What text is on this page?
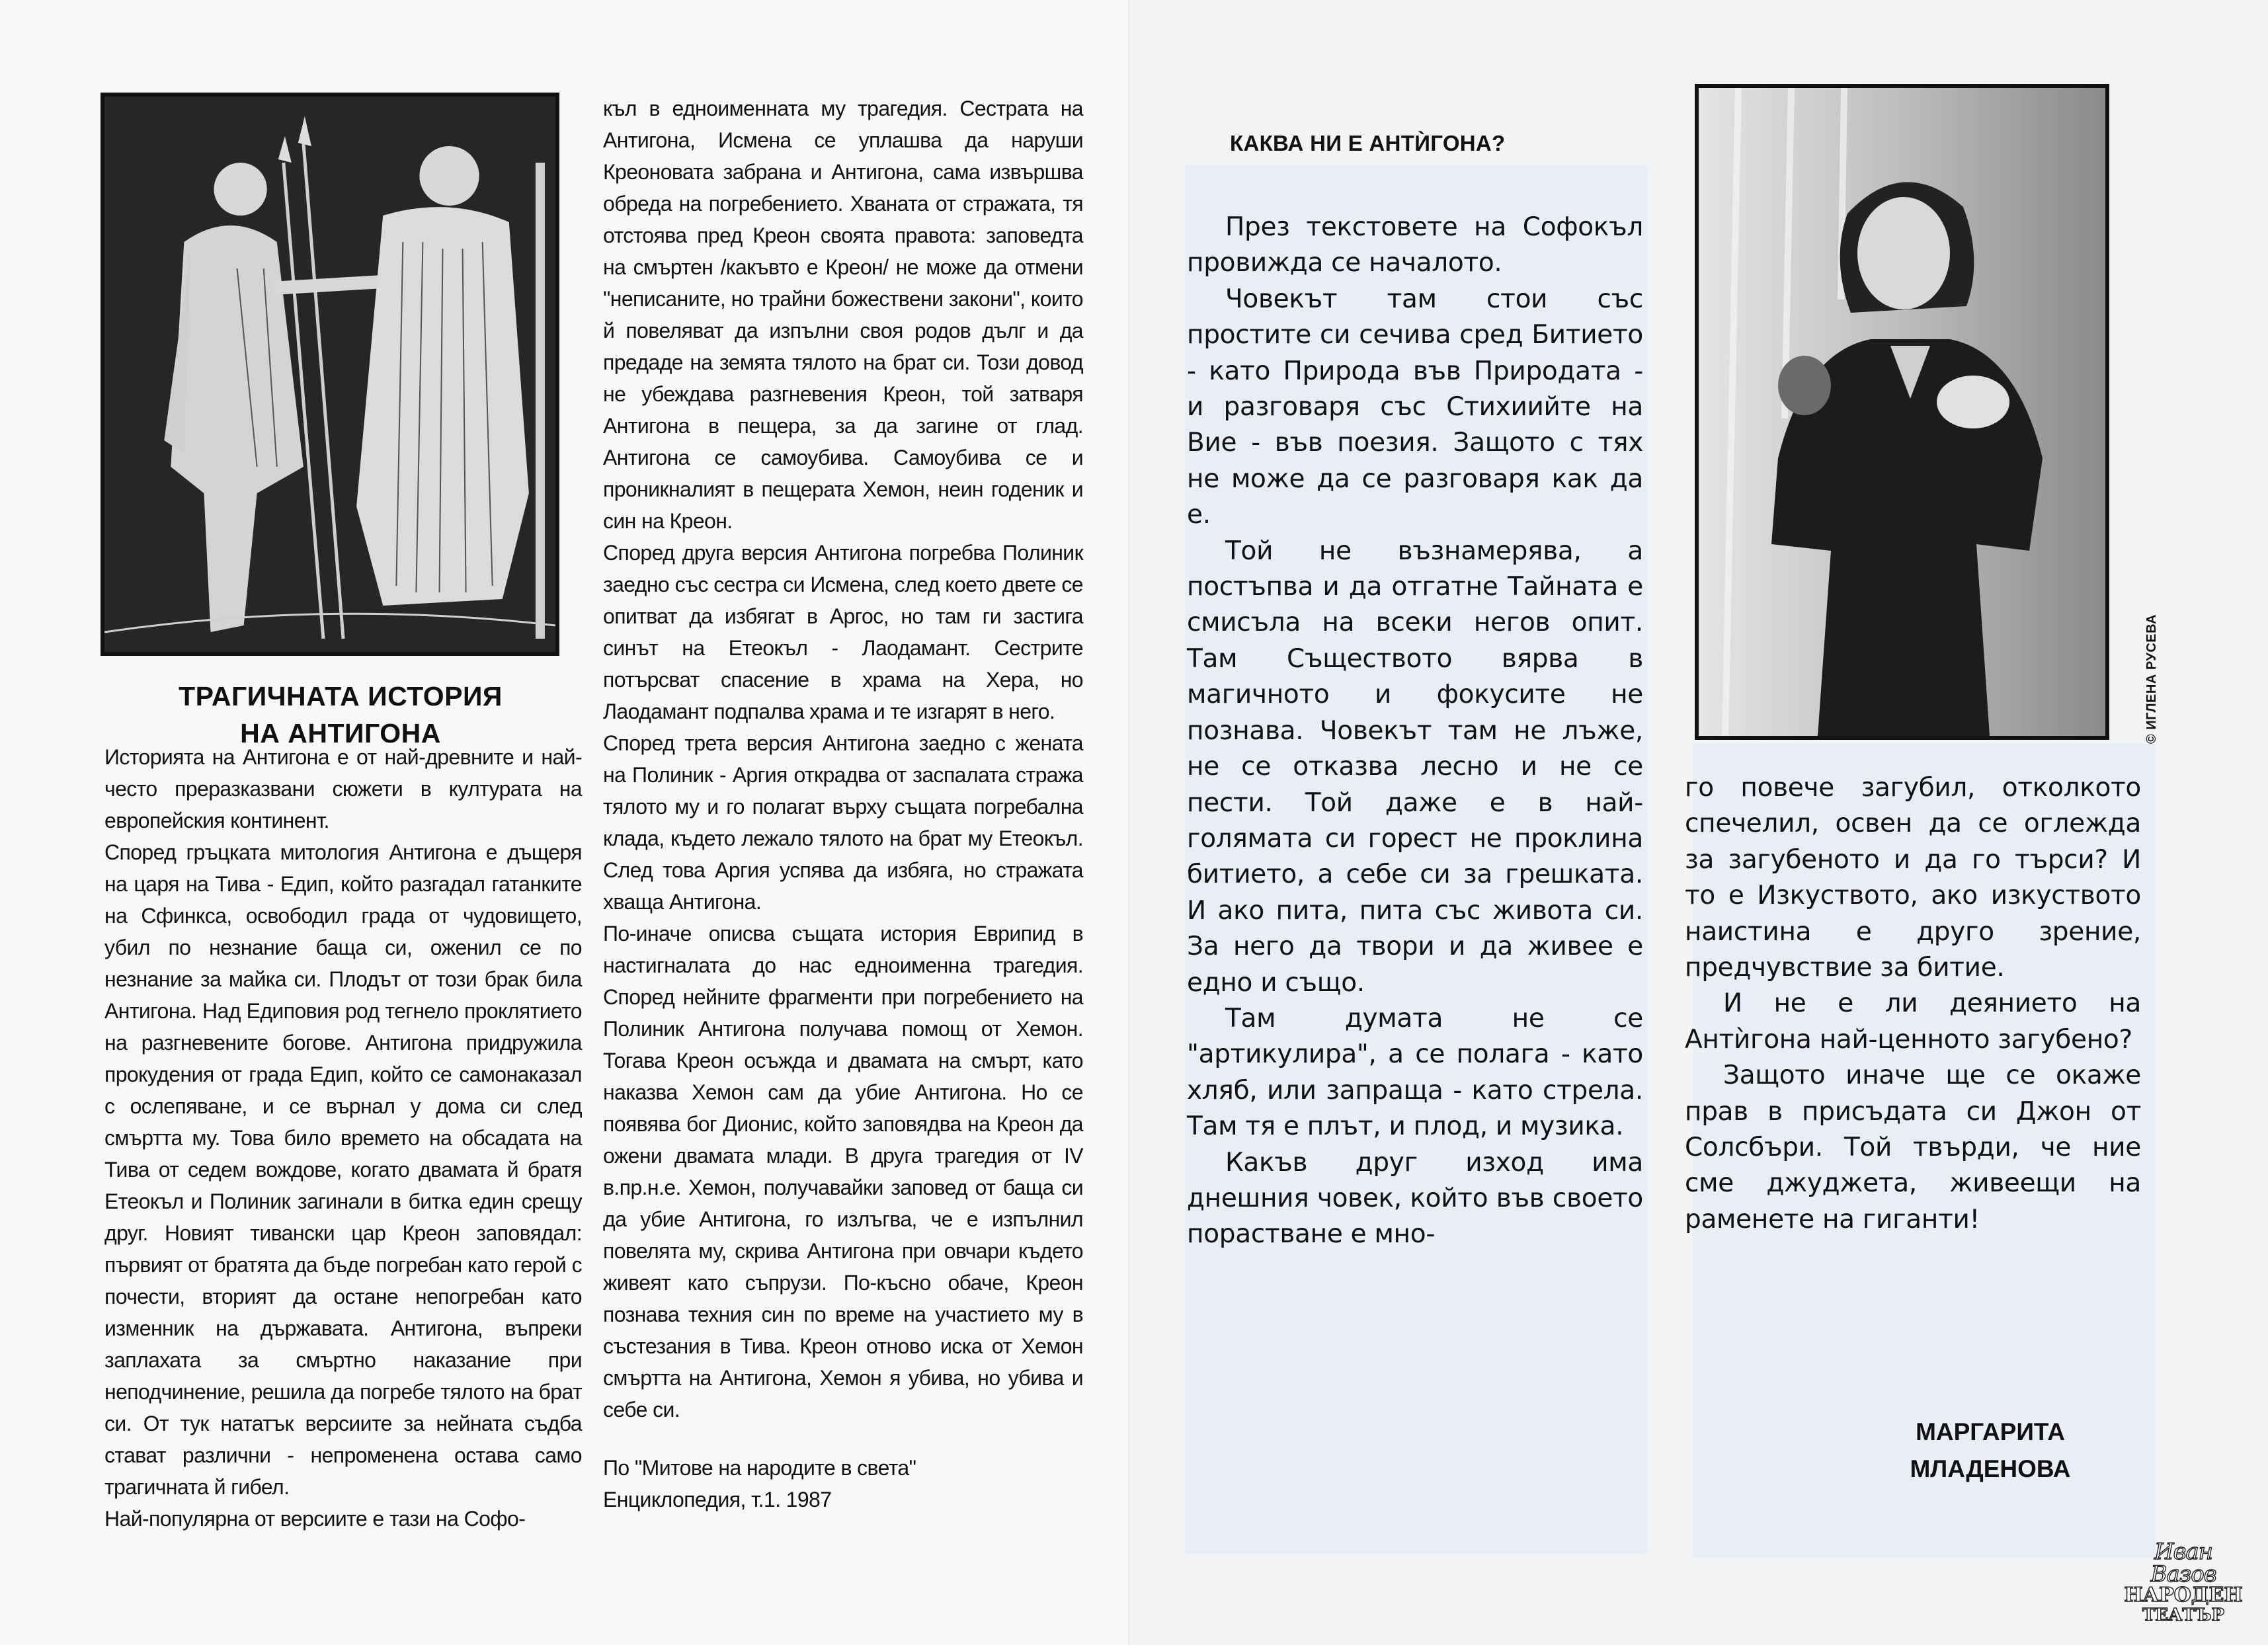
ТРАГИЧНАТА ИСТОРИЯ
НА АНТИГОНА

Историята на Антигона е от най-древните и най-често преразказвани сюжети в културата на европейския континент.

Според гръцката митология Антигона е дъщеря на царя на Тива - Едип, който разгадал гатанките на Сфинкса, освободил града от чудовището, убил по незнание баща си, оженил се по незнание за майка си. Плодът от този брак била Антигона. Над Едиповия род тегнело проклятието на разгневените богове. Антигона придружила прокудения от града Едип, който се самонаказал с ослепяване, и се върнал у дома си след смъртта му. Това било времето на обсадата на Тива от седем вождове, когато двамата й братя Етеокъл и Полиник загинали в битка един срещу друг. Новият тивански цар Креон заповядал: първият от братята да бъде погребан като герой с почести, вторият да остане непогребан като изменник на държавата. Антигона, въпреки заплахата за смъртно наказание при неподчинение, решила да погребе тялото на брат си. От тук нататък версиите за нейната съдба стават различни - непроменена остава само трагичната й гибел.

Най-популярна от версиите е тази на Софо-

къл в едноименната му трагедия. Сестрата на Антигона, Исмена се уплашва да наруши Креоновата забрана и Антигона, сама извършва обреда на погребението. Хваната от стражата, тя отстоява пред Креон своята правота: заповедта на смъртен /какъвто е Креон/ не може да отмени "неписаните, но трайни божествени закони", които й повеляват да изпълни своя родов дълг и да предаде на земята тялото на брат си. Този довод не убеждава разгневения Креон, той затваря Антигона в пещера, за да загине от глад. Антигона се самоубива. Самоубива се и проникналият в пещерата Хемон, неин годеник и син на Креон.

Според друга версия Антигона погребва Полиник заедно със сестра си Исмена, след което двете се опитват да избягат в Аргос, но там ги застига синът на Етеокъл - Лаодамант. Сестрите потърсват спасение в храма на Хера, но Лаодамант подпалва храма и те изгарят в него.

Според трета версия Антигона заедно с жената на Полиник - Аргия открадва от заспалата стража тялото му и го полагат върху същата погребална клада, където лежало тялото на брат му Етеокъл. След това Аргия успява да избяга, но стражата хваща Антигона.

По-иначе описва същата история Еврипид в настигналата до нас едноименна трагедия. Според нейните фрагменти при погребението на Полиник Антигона получава помощ от Хемон. Тогава Креон осъжда и двамата на смърт, като наказва Хемон сам да убие Антигона. Но се появява бог Дионис, който заповядва на Креон да ожени двамата млади. В друга трагедия от IV в.пр.н.е. Хемон, получавайки заповед от баща си да убие Антигона, го излъгва, че е изпълнил повелята му, скрива Антигона при овчари където живеят като съпрузи. По-късно обаче, Креон познава техния син по време на участието му в състезания в Тива. Креон отново иска от Хемон смъртта на Антигона, Хемон я убива, но убива и себе си.

По "Митове на народите в света"
Енциклопедия, т.1. 1987

КАКВА НИ Е АНТЍГОНА?

През текстовете на Софокъл провижда се началото.

Човекът там стои със простите си сечива сред Битието - като Природа във Природата - и разговаря със Стихиийте на Вие - във поезия. Защото с тях не може да се разговаря как да е.

Той не възнамерява, а постъпва и да отгатне Тайната е смисъла на всеки негов опит. Там Съществото вярва в магичното и фокусите не познава. Човекът там не лъже, не се отказва лесно и не се пести. Той даже е в най-голямата си горест не проклина битието, а себе си за грешката. И ако пита, пита със живота си. За него да твори и да живее е едно и също.

Там думата не се "артикулира", а се полага - като хляб, или запраща - като стрела. Там тя е плът, и плод, и музика.

Какъв друг изход има днешния човек, който във своето порастване е мно-

© ИГЛЕНА РУСЕВА

го повече загубил, отколкото спечелил, освен да се оглежда за загубеното и да го търси? И то е Изкуството, ако изкуството наистина е друго зрение, предчувствие за битие.

И не е ли деянието на Антѝгона най-ценното загубено?

Защото иначе ще се окаже прав в присъдата си Джон от Солсбъри. Той твърди, че ние сме джуджета, живеещи на раменете на гиганти!

МАРГАРИТА
МЛАДЕНОВА
Иван Вазов
НАРОДЕН
ТЕАТЪР
